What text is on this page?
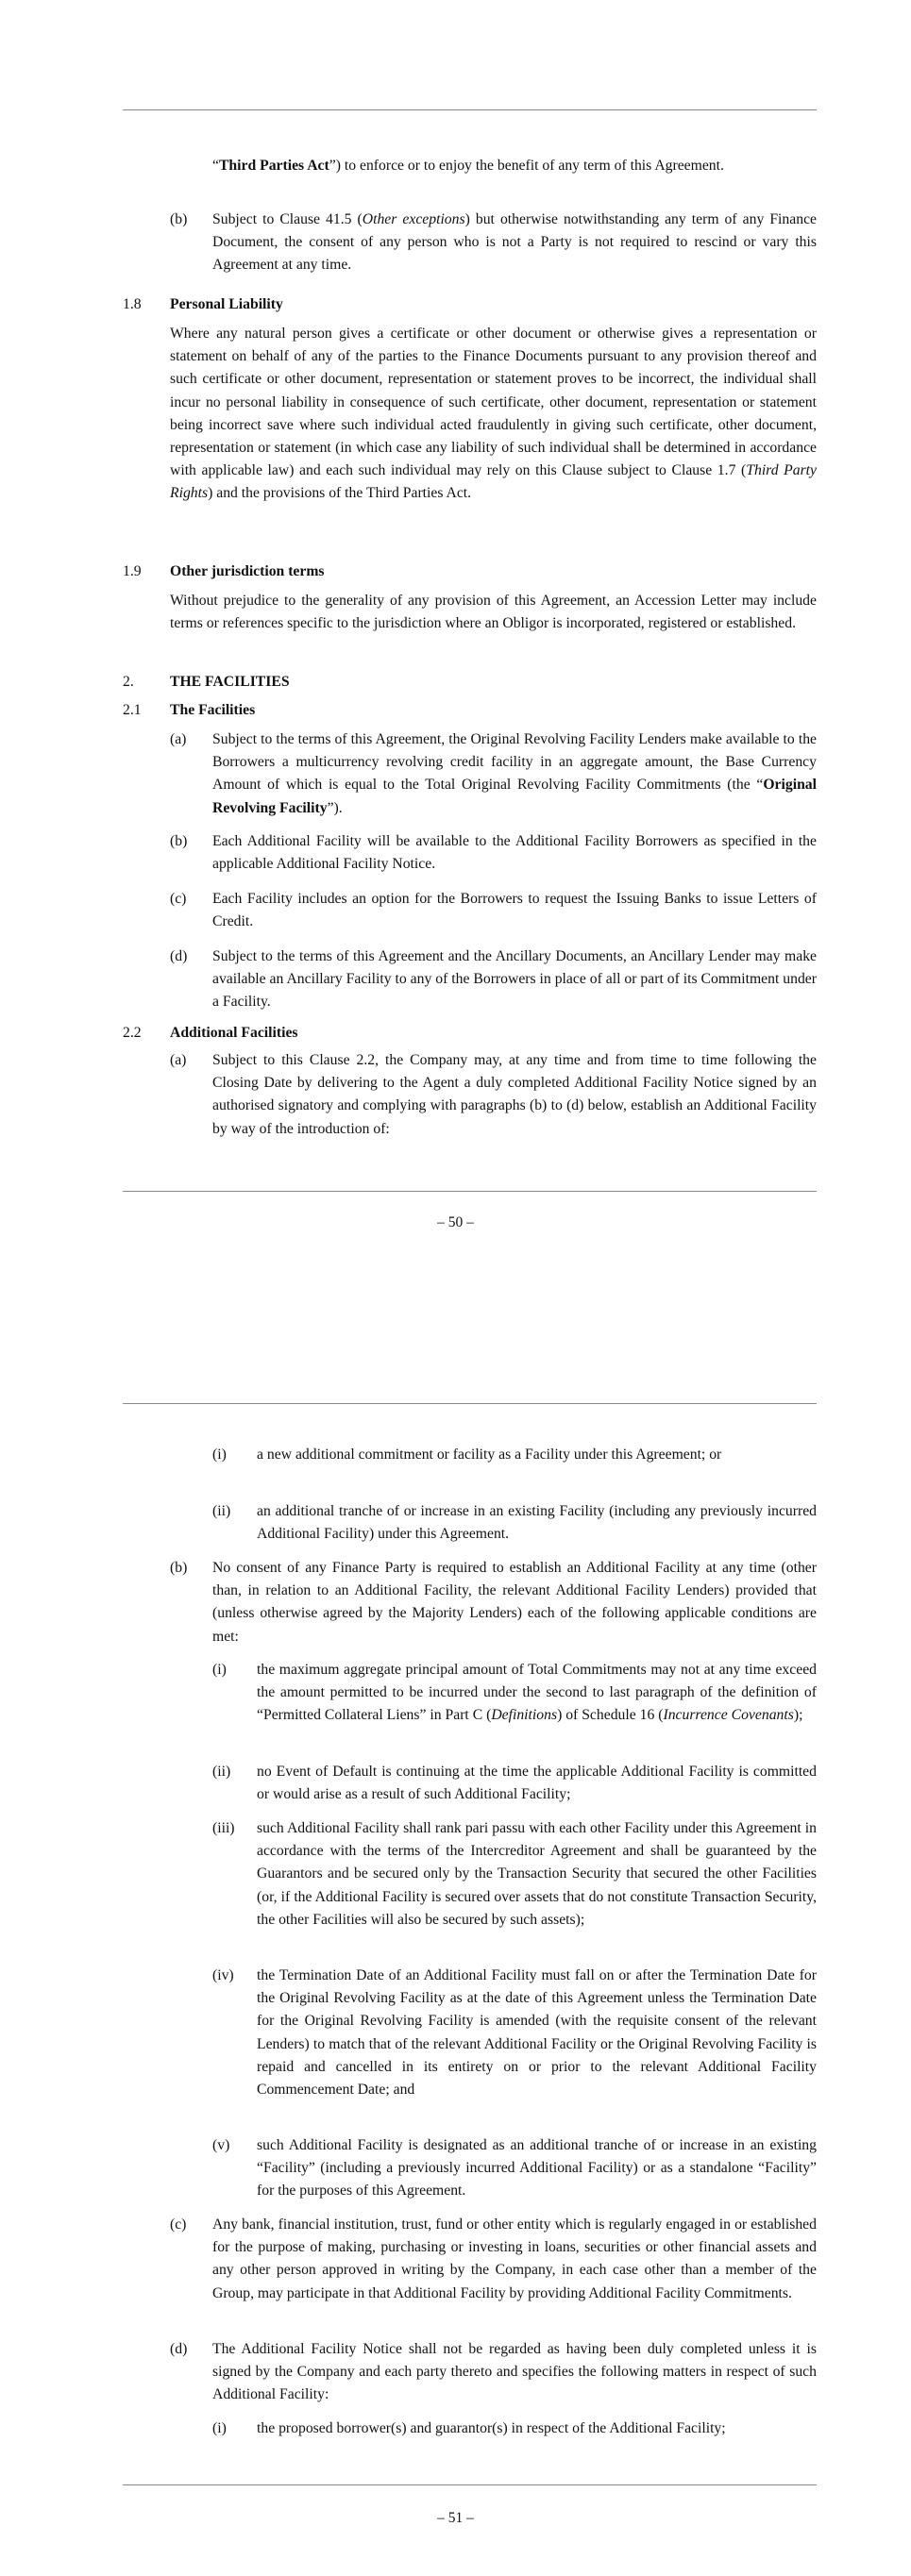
“Third Parties Act”) to enforce or to enjoy the benefit of any term of this Agreement.
(b) Subject to Clause 41.5 (Other exceptions) but otherwise notwithstanding any term of any Finance Document, the consent of any person who is not a Party is not required to rescind or vary this Agreement at any time.
1.8 Personal Liability
Where any natural person gives a certificate or other document or otherwise gives a representation or statement on behalf of any of the parties to the Finance Documents pursuant to any provision thereof and such certificate or other document, representation or statement proves to be incorrect, the individual shall incur no personal liability in consequence of such certificate, other document, representation or statement being incorrect save where such individual acted fraudulently in giving such certificate, other document, representation or statement (in which case any liability of such individual shall be determined in accordance with applicable law) and each such individual may rely on this Clause subject to Clause 1.7 (Third Party Rights) and the provisions of the Third Parties Act.
1.9 Other jurisdiction terms
Without prejudice to the generality of any provision of this Agreement, an Accession Letter may include terms or references specific to the jurisdiction where an Obligor is incorporated, registered or established.
2. THE FACILITIES
2.1 The Facilities
(a) Subject to the terms of this Agreement, the Original Revolving Facility Lenders make available to the Borrowers a multicurrency revolving credit facility in an aggregate amount, the Base Currency Amount of which is equal to the Total Original Revolving Facility Commitments (the “Original Revolving Facility”).
(b) Each Additional Facility will be available to the Additional Facility Borrowers as specified in the applicable Additional Facility Notice.
(c) Each Facility includes an option for the Borrowers to request the Issuing Banks to issue Letters of Credit.
(d) Subject to the terms of this Agreement and the Ancillary Documents, an Ancillary Lender may make available an Ancillary Facility to any of the Borrowers in place of all or part of its Commitment under a Facility.
2.2 Additional Facilities
(a) Subject to this Clause 2.2, the Company may, at any time and from time to time following the Closing Date by delivering to the Agent a duly completed Additional Facility Notice signed by an authorised signatory and complying with paragraphs (b) to (d) below, establish an Additional Facility by way of the introduction of:
– 50 –
(i) a new additional commitment or facility as a Facility under this Agreement; or
(ii) an additional tranche of or increase in an existing Facility (including any previously incurred Additional Facility) under this Agreement.
(b) No consent of any Finance Party is required to establish an Additional Facility at any time (other than, in relation to an Additional Facility, the relevant Additional Facility Lenders) provided that (unless otherwise agreed by the Majority Lenders) each of the following applicable conditions are met:
(i) the maximum aggregate principal amount of Total Commitments may not at any time exceed the amount permitted to be incurred under the second to last paragraph of the definition of “Permitted Collateral Liens” in Part C (Definitions) of Schedule 16 (Incurrence Covenants);
(ii) no Event of Default is continuing at the time the applicable Additional Facility is committed or would arise as a result of such Additional Facility;
(iii) such Additional Facility shall rank pari passu with each other Facility under this Agreement in accordance with the terms of the Intercreditor Agreement and shall be guaranteed by the Guarantors and be secured only by the Transaction Security that secured the other Facilities (or, if the Additional Facility is secured over assets that do not constitute Transaction Security, the other Facilities will also be secured by such assets);
(iv) the Termination Date of an Additional Facility must fall on or after the Termination Date for the Original Revolving Facility as at the date of this Agreement unless the Termination Date for the Original Revolving Facility is amended (with the requisite consent of the relevant Lenders) to match that of the relevant Additional Facility or the Original Revolving Facility is repaid and cancelled in its entirety on or prior to the relevant Additional Facility Commencement Date; and
(v) such Additional Facility is designated as an additional tranche of or increase in an existing “Facility” (including a previously incurred Additional Facility) or as a standalone “Facility” for the purposes of this Agreement.
(c) Any bank, financial institution, trust, fund or other entity which is regularly engaged in or established for the purpose of making, purchasing or investing in loans, securities or other financial assets and any other person approved in writing by the Company, in each case other than a member of the Group, may participate in that Additional Facility by providing Additional Facility Commitments.
(d) The Additional Facility Notice shall not be regarded as having been duly completed unless it is signed by the Company and each party thereto and specifies the following matters in respect of such Additional Facility:
(i) the proposed borrower(s) and guarantor(s) in respect of the Additional Facility;
– 51 –
